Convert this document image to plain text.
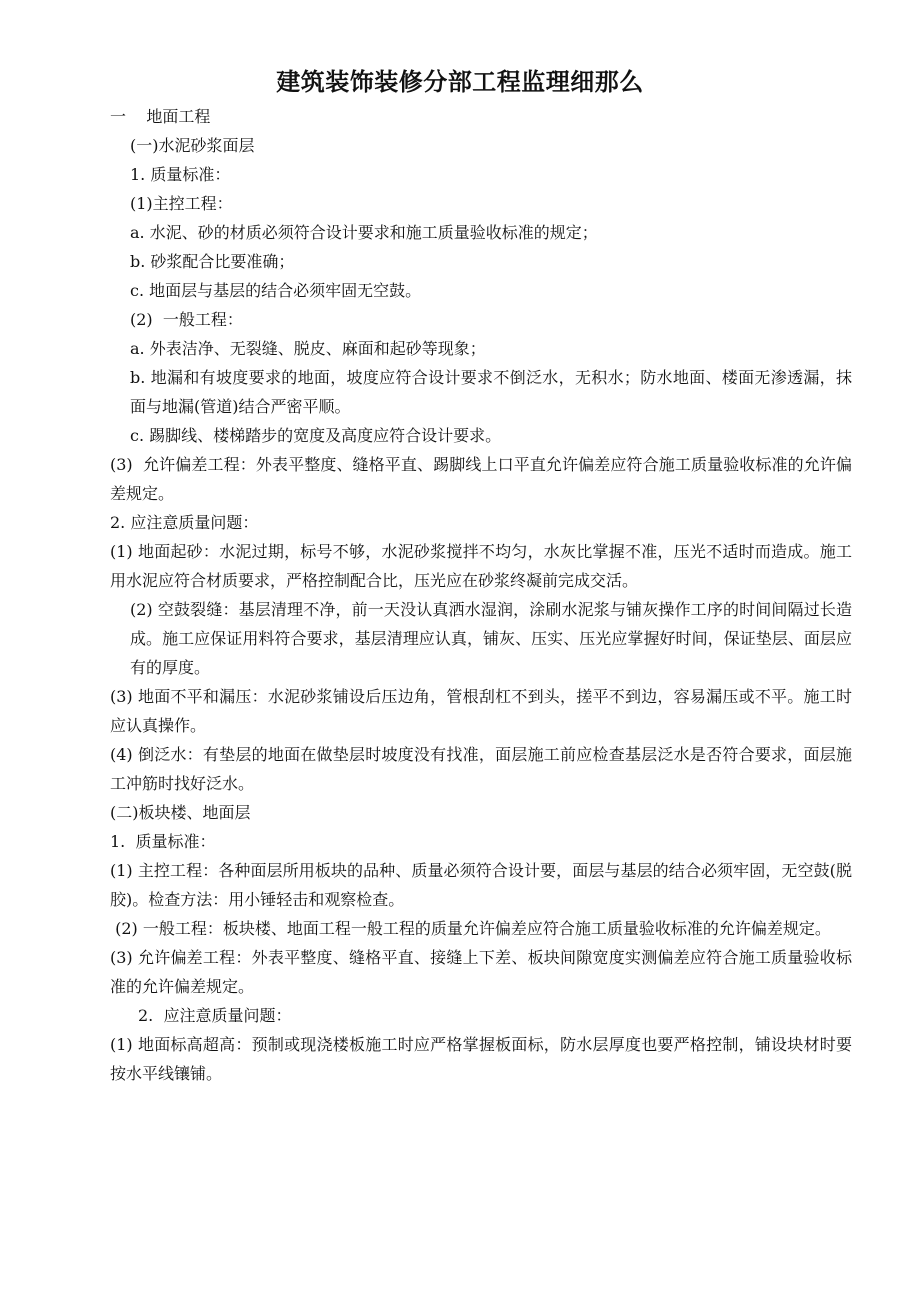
建筑装饰装修分部工程监理细那么

一    地面工程

(一)水泥砂浆面层

1. 质量标准：

(1)主控工程：

a. 水泥、砂的材质必须符合设计要求和施工质量验收标准的规定；

b. 砂浆配合比要准确；

c. 地面层与基层的结合必须牢固无空鼓。

(2)  一般工程：

a. 外表洁净、无裂缝、脱皮、麻面和起砂等现象；

b. 地漏和有坡度要求的地面，坡度应符合设计要求不倒泛水，无积水；防水地面、楼面无渗透漏，抹面与地漏(管道)结合严密平顺。

c. 踢脚线、楼梯踏步的宽度及高度应符合设计要求。

(3)  允许偏差工程：外表平整度、缝格平直、踢脚线上口平直允许偏差应符合施工质量验收标准的允许偏差规定。

2. 应注意质量问题：

(1) 地面起砂：水泥过期，标号不够，水泥砂浆搅拌不均匀，水灰比掌握不准，压光不适时而造成。施工用水泥应符合材质要求，严格控制配合比，压光应在砂浆终凝前完成交活。

(2) 空鼓裂缝：基层清理不净，前一天没认真洒水湿润，涂刷水泥浆与铺灰操作工序的时间间隔过长造成。施工应保证用料符合要求，基层清理应认真，铺灰、压实、压光应掌握好时间，保证垫层、面层应有的厚度。

(3) 地面不平和漏压：水泥砂浆铺设后压边角，管根刮杠不到头，搓平不到边，容易漏压或不平。施工时应认真操作。

(4) 倒泛水：有垫层的地面在做垫层时坡度没有找准，面层施工前应检查基层泛水是否符合要求，面层施工冲筋时找好泛水。

(二)板块楼、地面层

1.  质量标准：

(1) 主控工程：各种面层所用板块的品种、质量必须符合设计要，面层与基层的结合必须牢固，无空鼓(脱胶)。检查方法：用小锤轻击和观察检查。

(2) 一般工程：板块楼、地面工程一般工程的质量允许偏差应符合施工质量验收标准的允许偏差规定。

(3) 允许偏差工程：外表平整度、缝格平直、接缝上下差、板块间隙宽度实测偏差应符合施工质量验收标准的允许偏差规定。

2.  应注意质量问题：

(1) 地面标高超高：预制或现浇楼板施工时应严格掌握板面标，防水层厚度也要严格控制，铺设块材时要按水平线镶铺。
